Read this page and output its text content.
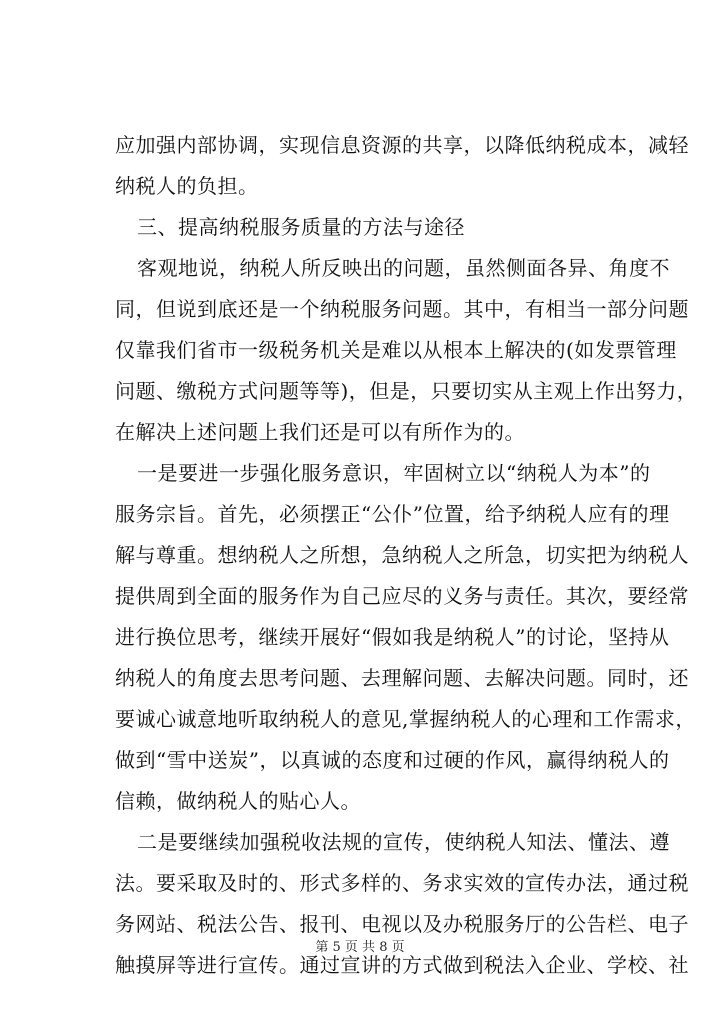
应加强内部协调，实现信息资源的共享，以降低纳税成本，减轻
纳税人的负担。
三、提高纳税服务质量的方法与途径
客观地说，纳税人所反映出的问题，虽然侧面各异、角度不
同，但说到底还是一个纳税服务问题。其中，有相当一部分问题
仅靠我们省市一级税务机关是难以从根本上解决的(如发票管理
问题、缴税方式问题等等)，但是，只要切实从主观上作出努力，
在解决上述问题上我们还是可以有所作为的。
一是要进一步强化服务意识，牢固树立以“纳税人为本”的
服务宗旨。首先，必须摆正“公仆”位置，给予纳税人应有的理
解与尊重。想纳税人之所想，急纳税人之所急，切实把为纳税人
提供周到全面的服务作为自己应尽的义务与责任。其次，要经常
进行换位思考，继续开展好“假如我是纳税人”的讨论，坚持从
纳税人的角度去思考问题、去理解问题、去解决问题。同时，还
要诚心诚意地听取纳税人的意见,掌握纳税人的心理和工作需求，
做到“雪中送炭”，以真诚的态度和过硬的作风，赢得纳税人的
信赖，做纳税人的贴心人。
二是要继续加强税收法规的宣传，使纳税人知法、懂法、遵
法。要采取及时的、形式多样的、务求实效的宣传办法，通过税
务网站、税法公告、报刊、电视以及办税服务厅的公告栏、电子
触摸屏等进行宣传。通过宣讲的方式做到税法入企业、学校、社
第 5 页 共 8 页
